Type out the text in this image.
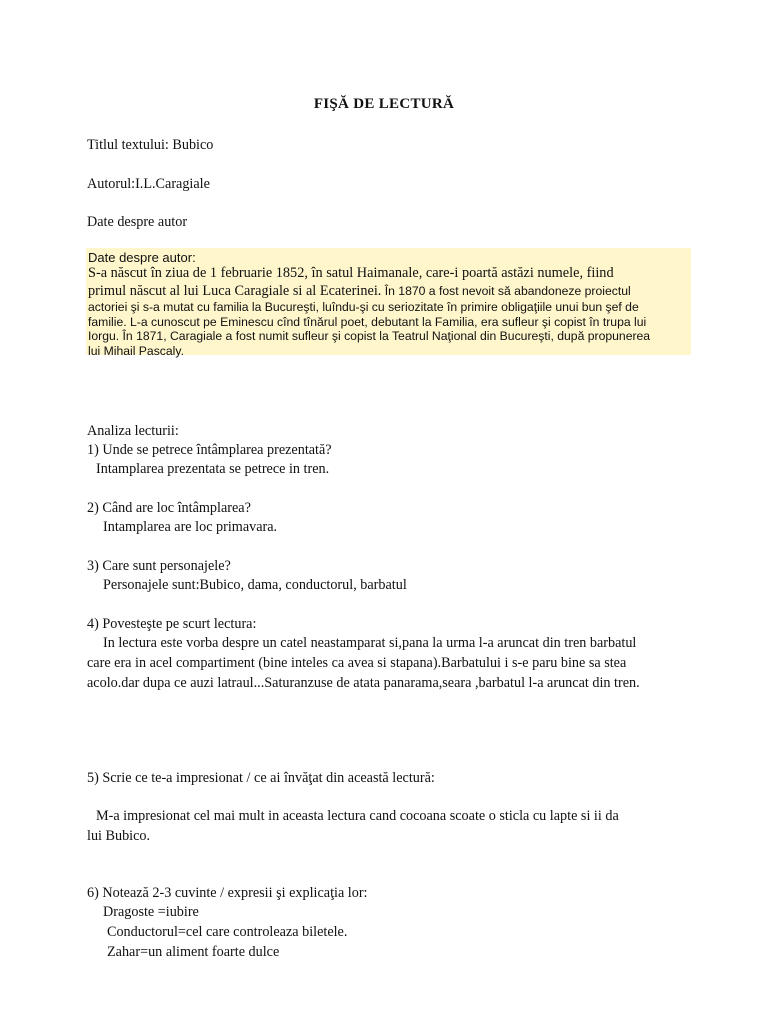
FIŞĂ DE LECTURĂ
Titlul textului: Bubico
Autorul:I.L.Caragiale
Date despre autor
Date despre autor:
S-a născut în ziua de 1 februarie 1852, în satul Haimanale, care-i poartă astăzi numele, fiind
primul născut al lui Luca Caragiale si al Ecaterinei. În 1870 a fost nevoit să abandoneze proiectul
actoriei şi s-a mutat cu familia la Bucureşti, luîndu-şi cu seriozitate în primire obligaţiile unui bun şef de
familie. L-a cunoscut pe Eminescu cînd tînărul poet, debutant la Familia, era sufleur şi copist în trupa lui
Iorgu. În 1871, Caragiale a fost numit sufleur şi copist la Teatrul Naţional din Bucureşti, după propunerea
lui Mihail Pascaly.
Analiza lecturii:
1) Unde se petrece întâmplarea prezentată?
Intamplarea prezentata se petrece in tren.
2) Când are loc întâmplarea?
Intamplarea are loc primavara.
3) Care sunt personajele?
Personajele sunt:Bubico, dama, conductorul, barbatul
4) Povesteşte pe scurt lectura:
In lectura este vorba despre un catel neastamparat si,pana la urma l-a aruncat din tren barbatul
care era in acel compartiment (bine inteles ca avea si stapana).Barbatului i s-e paru bine sa stea
acolo.dar dupa ce auzi latraul...Saturanzuse de atata panarama,seara ,barbatul l-a aruncat din tren.
5) Scrie ce te-a impresionat / ce ai învăţat din această lectură:
M-a impresionat cel mai mult in aceasta lectura cand cocoana scoate o sticla cu lapte si ii da
lui Bubico.
6) Notează 2-3 cuvinte / expresii şi explicaţia lor:
Dragoste =iubire
Conductorul=cel care controleaza biletele.
Zahar=un aliment foarte dulce
